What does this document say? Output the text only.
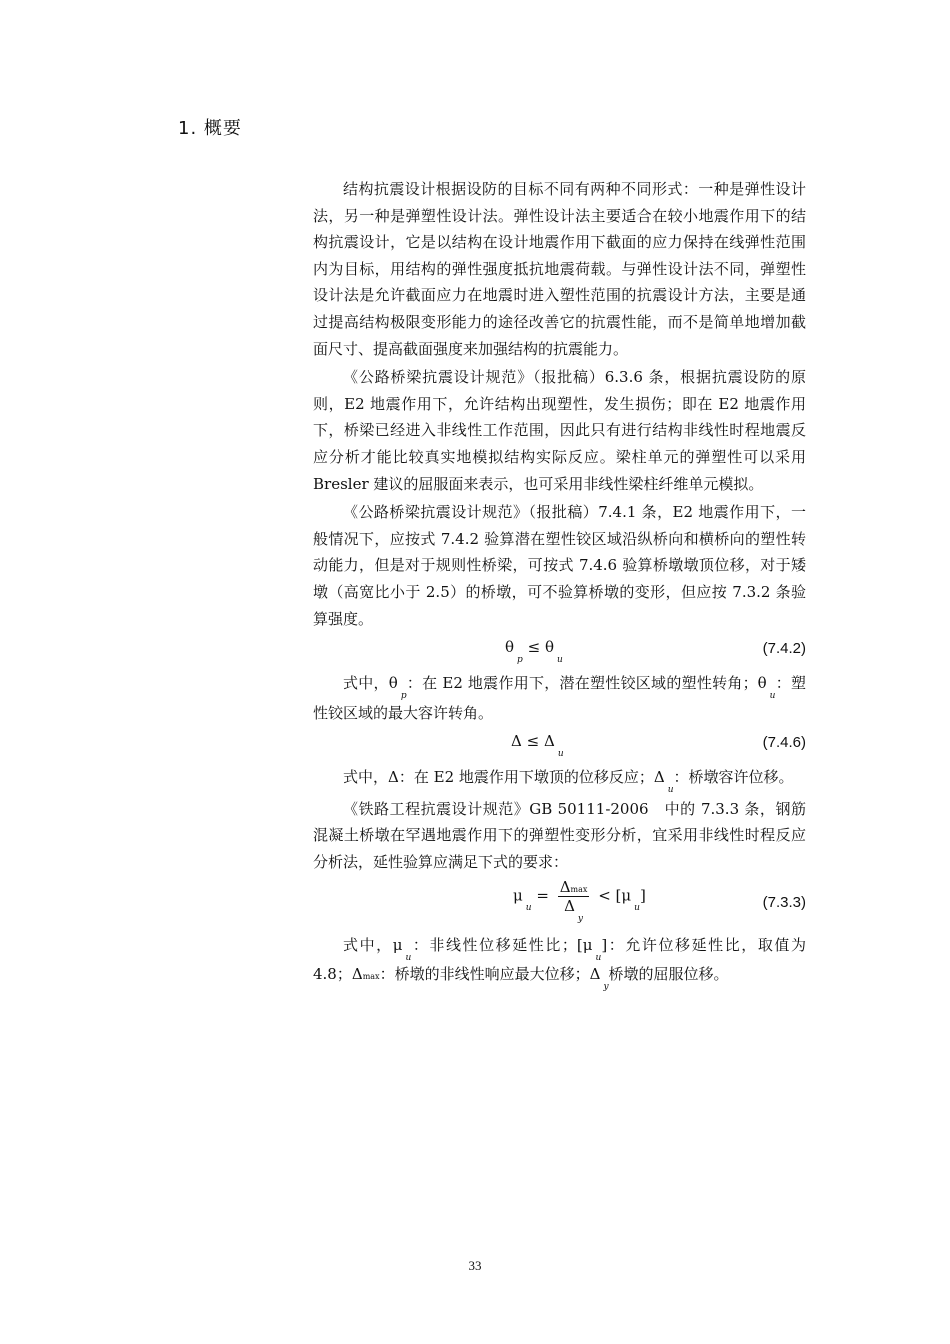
1. 概要

结构抗震设计根据设防的目标不同有两种不同形式：一种是弹性设计法，另一种是弹塑性设计法。弹性设计法主要适合在较小地震作用下的结构抗震设计，它是以结构在设计地震作用下截面的应力保持在线弹性范围内为目标，用结构的弹性强度抵抗地震荷载。与弹性设计法不同，弹塑性设计法是允许截面应力在地震时进入塑性范围的抗震设计方法，主要是通过提高结构极限变形能力的途径改善它的抗震性能，而不是简单地增加截面尺寸、提高截面强度来加强结构的抗震能力。

《公路桥梁抗震设计规范》（报批稿）6.3.6 条，根据抗震设防的原则，E2 地震作用下，允许结构出现塑性，发生损伤；即在 E2 地震作用下，桥梁已经进入非线性工作范围，因此只有进行结构非线性时程地震反应分析才能比较真实地模拟结构实际反应。梁柱单元的弹塑性可以采用 Bresler 建议的屈服面来表示，也可采用非线性梁柱纤维单元模拟。

《公路桥梁抗震设计规范》（报批稿）7.4.1 条，E2 地震作用下，一般情况下，应按式 7.4.2 验算潜在塑性铰区域沿纵桥向和横桥向的塑性转动能力，但是对于规则性桥梁，可按式 7.4.6 验算桥墩墩顶位移，对于矮墩（高宽比小于 2.5）的桥墩，可不验算桥墩的变形，但应按 7.3.2 条验算强度。

$\theta_p \le \theta_u$
(7.4.2)

式中，$\theta_p$：在 E2 地震作用下，潜在塑性铰区域的塑性转角；$\theta_u$：塑性铰区域的最大容许转角。

$\Delta \le \Delta_u$
(7.4.6)

式中，Δ：在 E2 地震作用下墩顶的位移反应；$\Delta_u$：桥墩容许位移。

《铁路工程抗震设计规范》GB 50111-2006　中的 7.3.3 条，钢筋混凝土桥墩在罕遇地震作用下的弹塑性变形分析，宜采用非线性时程反应分析法，延性验算应满足下式的要求：

$\mu_u = \frac{\Delta\max}{\Delta_y} < [\mu_u]$	(7.3.3)

式中，$\mu_u$：非线性位移延性比；$[\mu_u]$：允许位移延性比，取值为 4.8；Δmax：桥墩的非线性响应最大位移；$\Delta_y$桥墩的屈服位移。

33
